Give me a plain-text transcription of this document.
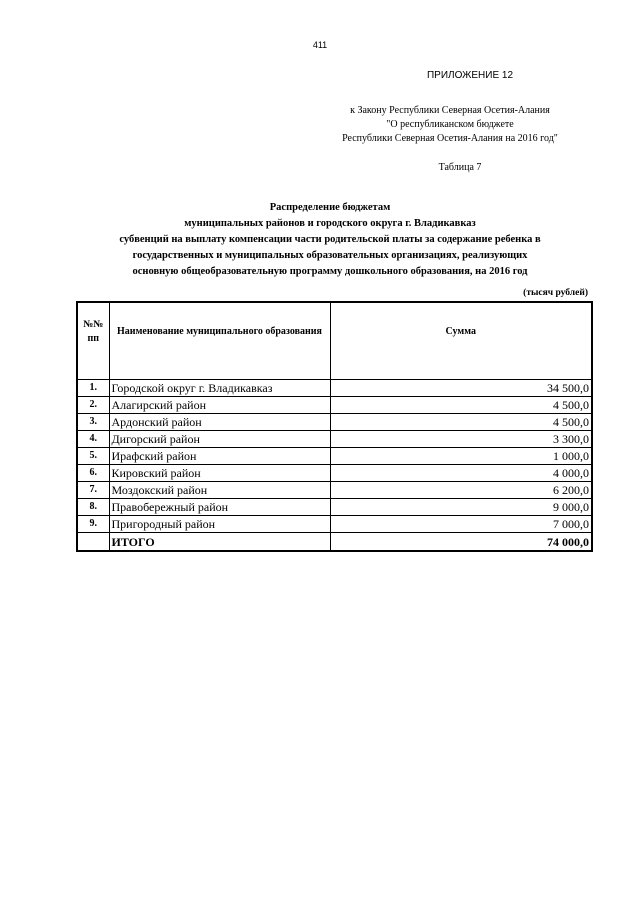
411
ПРИЛОЖЕНИЕ 12
к Закону Республики Северная Осетия-Алания
"О республиканском бюджете
Республики Северная Осетия-Алания на 2016 год"
Таблица 7
Распределение бюджетам
муниципальных районов и городского округа г. Владикавказ
субвенций на выплату компенсации части родительской платы за содержание ребенка в
государственных и муниципальных образовательных организациях, реализующих
основную общеобразовательную программу дошкольного образования, на 2016 год
(тысяч рублей)
№№ пп	Наименование муниципального образования	Сумма

1.	Городской округ г. Владикавказ	34 500,0
2.	Алагирский район	4 500,0
3.	Ардонский район	4 500,0
4.	Дигорский район	3 300,0
5.	Ирафский район	1 000,0
6.	Кировский район	4 000,0
7.	Моздокский район	6 200,0
8.	Правобережный район	9 000,0
9.	Пригородный район	7 000,0
	ИТОГО	74 000,0
